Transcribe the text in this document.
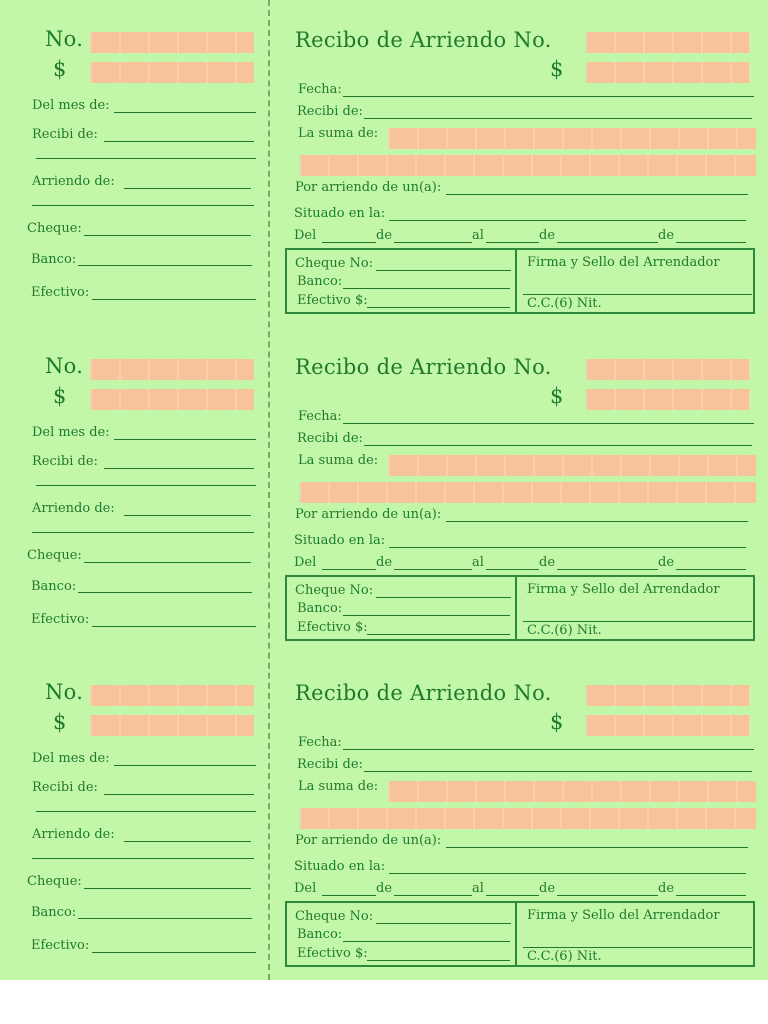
No.
$
Del mes de:
Recibi de:
Arriendo de:
Cheque:
Banco:
Efectivo:
Recibo de Arriendo No.
$
Fecha:
Recibi de:
La suma de:
Por arriendo de un(a):
Situado en la:
Del	de	al	de	de
Cheque No:
Banco:
Efectivo $:
Firma y Sello del Arrendador
C.C.(6) Nit.
No.
$
Del mes de:
Recibi de:
Arriendo de:
Cheque:
Banco:
Efectivo:
Recibo de Arriendo No.
$
Fecha:
Recibi de:
La suma de:
Por arriendo de un(a):
Situado en la:
Del	de	al	de	de
Cheque No:
Banco:
Efectivo $:
Firma y Sello del Arrendador
C.C.(6) Nit.
No.
$
Del mes de:
Recibi de:
Arriendo de:
Cheque:
Banco:
Efectivo:
Recibo de Arriendo No.
$
Fecha:
Recibi de:
La suma de:
Por arriendo de un(a):
Situado en la:
Del	de	al	de	de
Cheque No:
Banco:
Efectivo $:
Firma y Sello del Arrendador
C.C.(6) Nit.
